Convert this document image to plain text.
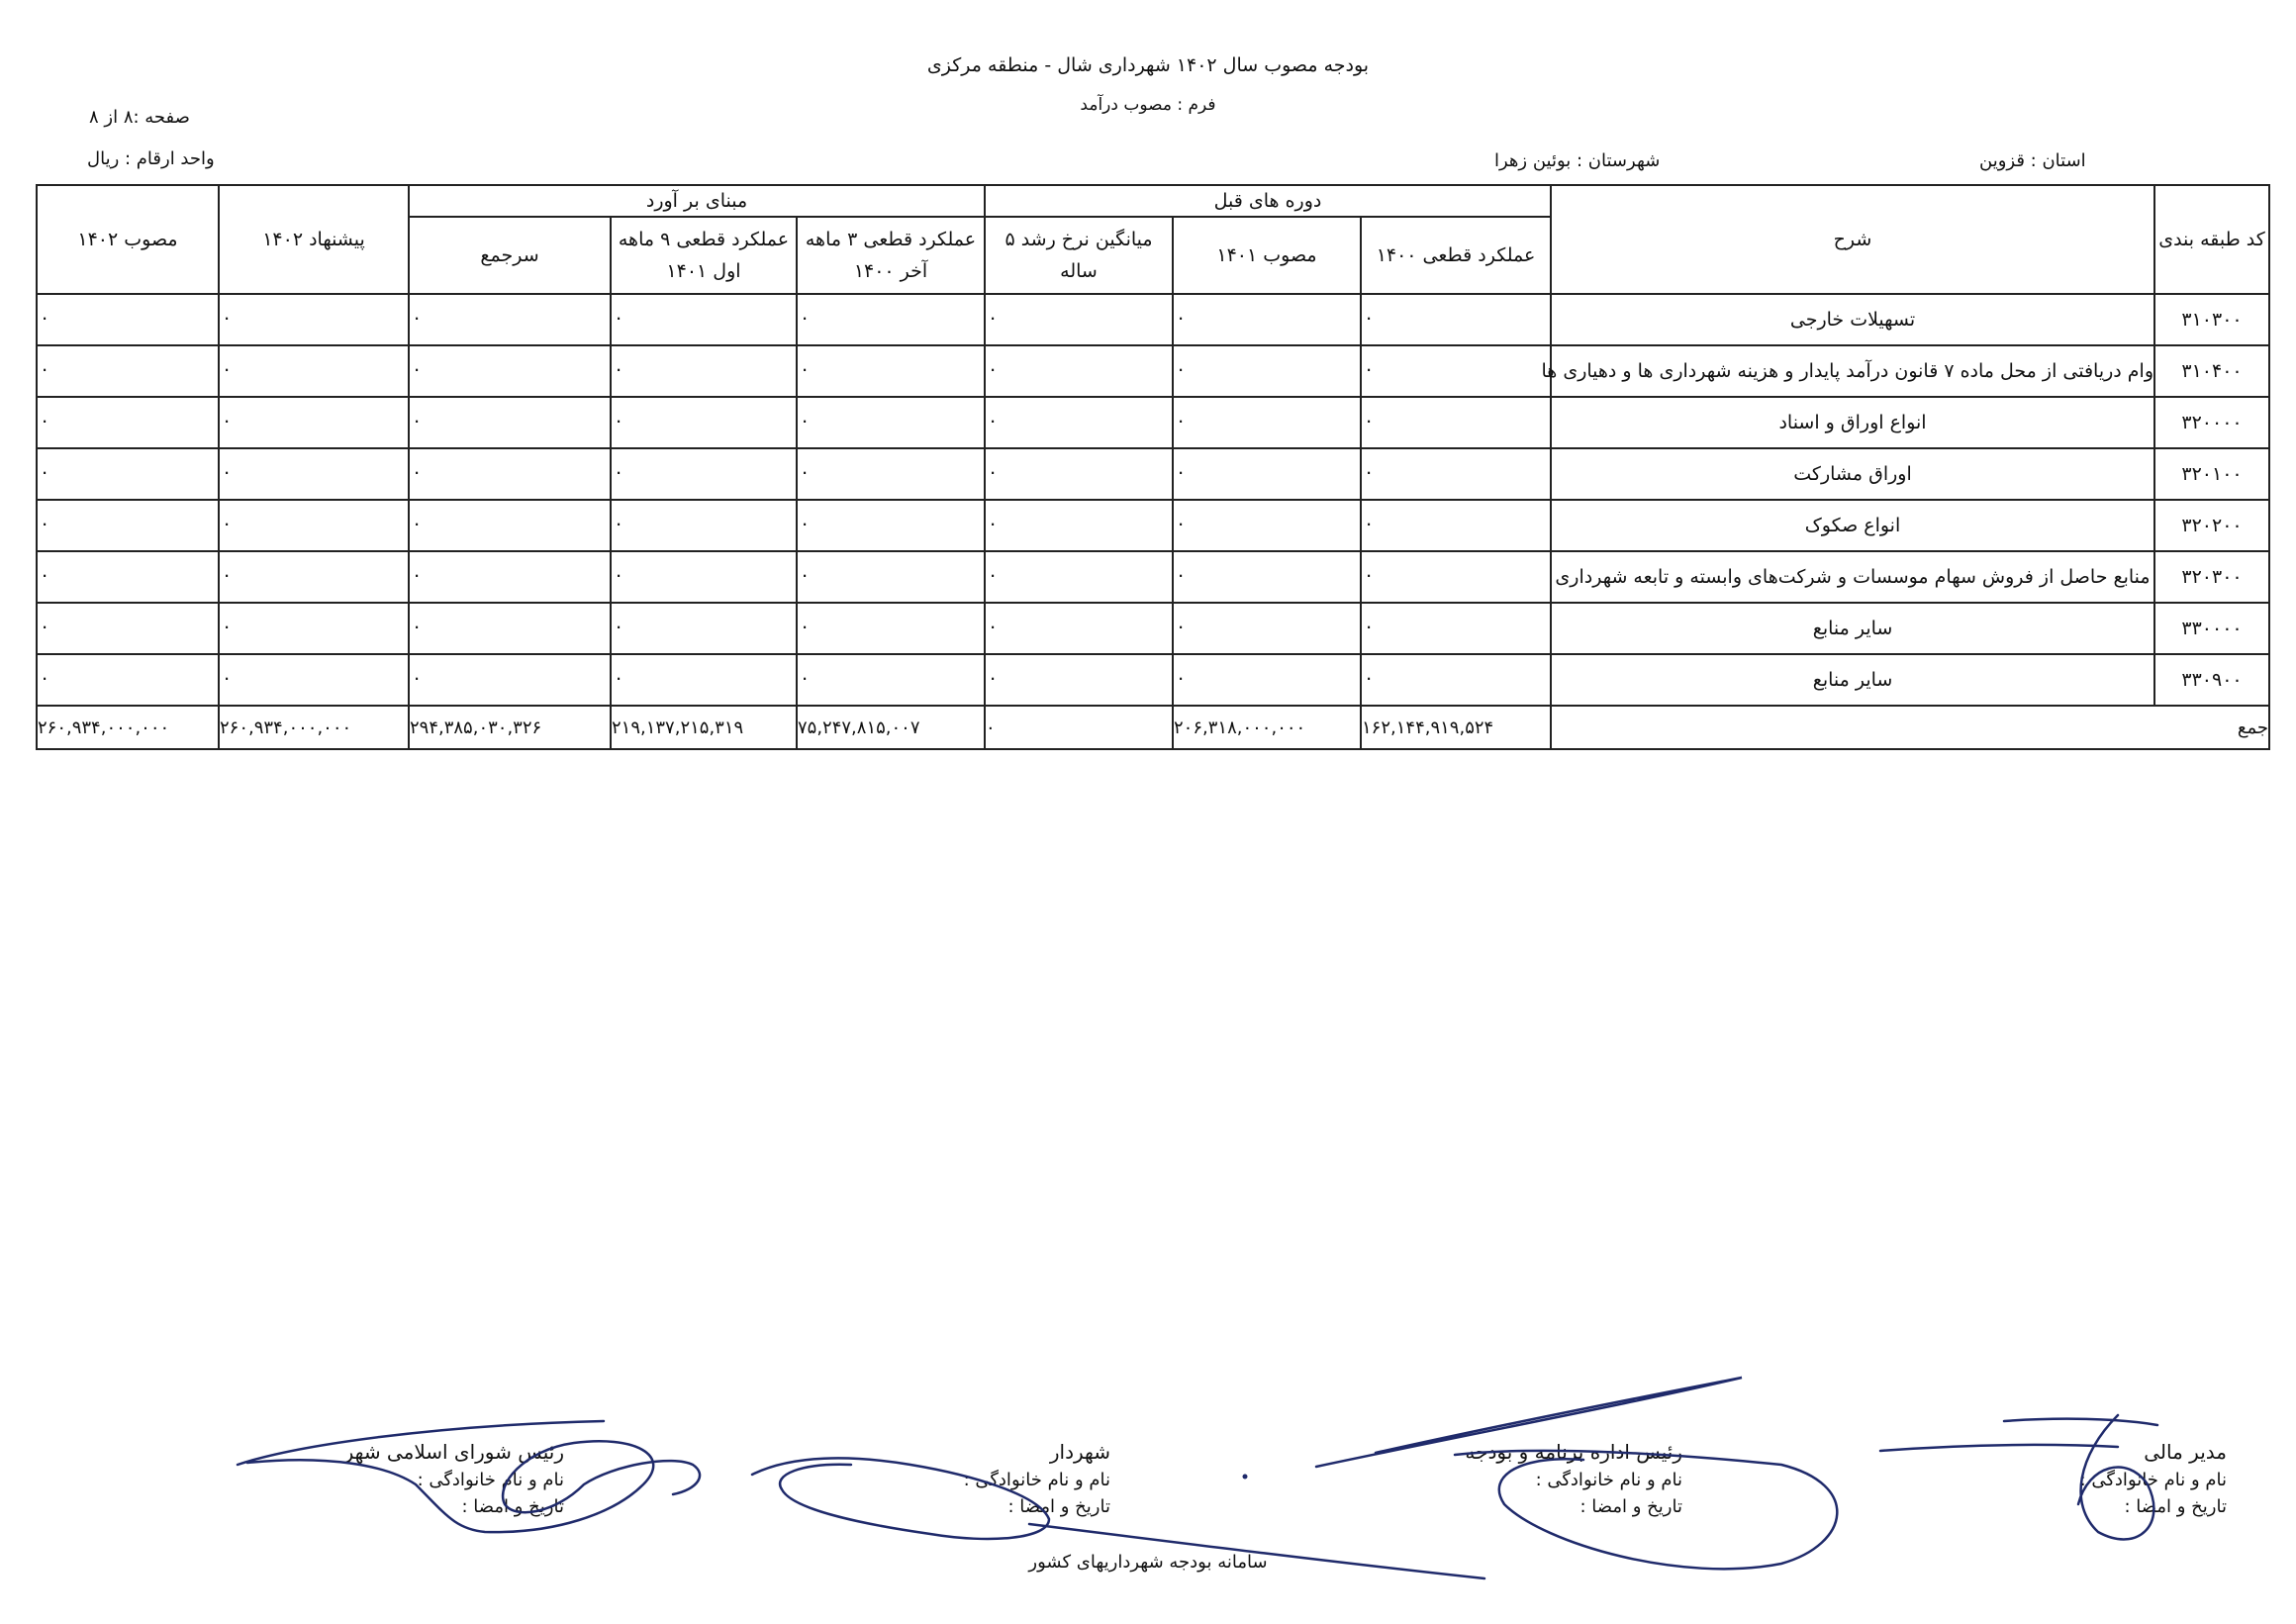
بودجه مصوب سال ۱۴۰۲ شهرداری شال - منطقه مرکزی
فرم : مصوب درآمد
صفحه :۸ از ۸
واحد ارقام : ریال	استان : قزوین
شهرستان : بوئین زهرا
کد طبقه بندی	شرح	دوره های قبل			مبنای بر آورد			پیشنهاد ۱۴۰۲	مصوب ۱۴۰۲
		عملکرد قطعی ۱۴۰۰	مصوب ۱۴۰۱	میانگین نرخ رشد ۵ ساله	عملکرد قطعی ۳ ماهه آخر ۱۴۰۰	عملکرد قطعی ۹ ماهه اول ۱۴۰۱	سرجمع		
۳۱۰۳۰۰	تسهیلات خارجی	۰	۰	۰	۰	۰	۰	۰	۰

۳۱۰۴۰۰	وام دریافتی از محل ماده ۷ قانون درآمد پایدار و هزینه شهرداری ها و دهیاری ها	۰	۰	۰	۰	۰	۰	۰	۰

۳۲۰۰۰۰	انواع اوراق و اسناد	۰	۰	۰	۰	۰	۰	۰	۰

۳۲۰۱۰۰	اوراق مشارکت	۰	۰	۰	۰	۰	۰	۰	۰

۳۲۰۲۰۰	انواع صکوک	۰	۰	۰	۰	۰	۰	۰	۰

۳۲۰۳۰۰	منابع حاصل از فروش سهام موسسات و شرکت‌های وابسته و تابعه شهرداری	۰	۰	۰	۰	۰	۰	۰	۰

۳۳۰۰۰۰	سایر منابع	۰	۰	۰	۰	۰	۰	۰	۰

۳۳۰۹۰۰	سایر منابع	۰	۰	۰	۰	۰	۰	۰	۰

جمع		۱۶۲,۱۴۴,۹۱۹,۵۲۴	۲۰۶,۳۱۸,۰۰۰,۰۰۰	۰	۷۵,۲۴۷,۸۱۵,۰۰۷	۲۱۹,۱۳۷,۲۱۵,۳۱۹	۲۹۴,۳۸۵,۰۳۰,۳۲۶	۲۶۰,۹۳۴,۰۰۰,۰۰۰	۲۶۰,۹۳۴,۰۰۰,۰۰۰
مدیر مالی
نام و نام خانوادگی :
تاریخ و امضا :
رئیس اداره برنامه و بودجه
نام و نام خانوادگی :
تاریخ و امضا :
شهردار
نام و نام خانوادگی :
تاریخ و امضا :
رئیس شورای اسلامی شهر
نام و نام خانوادگی :
تاریخ و امضا :
سامانه بودجه شهرداریهای کشور
